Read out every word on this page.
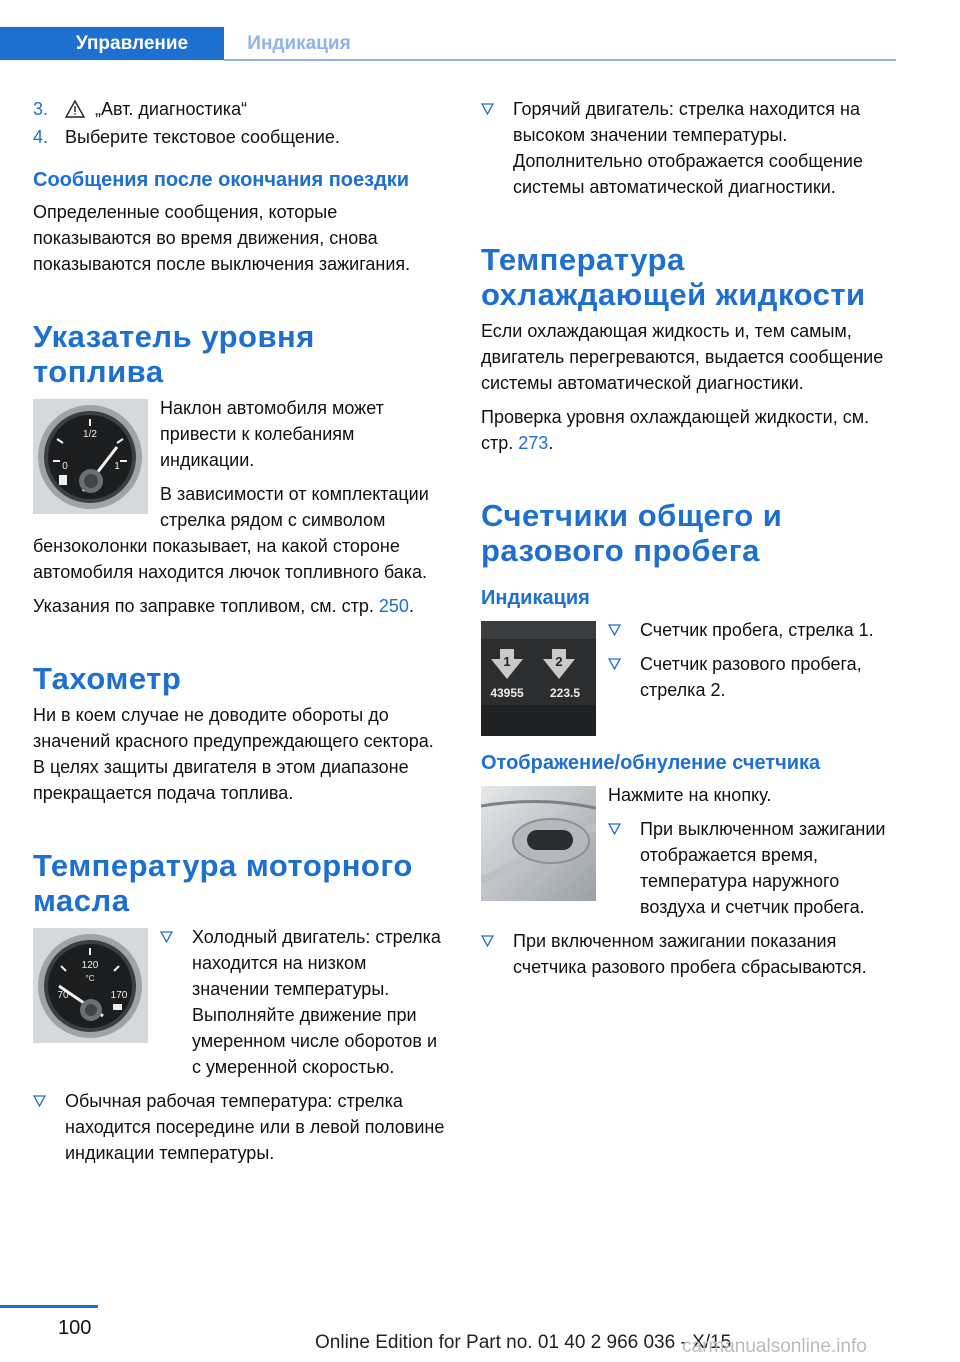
Управление	Индикация
3.	„Авт. диагностика“
4. Выберите текстовое сообщение.
Сообщения после окончания поездки
Определенные сообщения, которые показываются во время движения, снова показываются после выключения зажигания.
Указатель уровня топлива
1/2
0	1
Наклон автомобиля может привести к колебаниям индикации.
В зависимости от комплектации стрелка рядом с символом бензоколонки показывает, на какой стороне автомобиля находится лючок топливного бака.
Указания по заправке топливом, см. стр. 250.
Тахометр
Ни в коем случае не доводите обороты до значений красного предупреждающего сектора. В целях защиты двигателя в этом диапазоне прекращается подача топлива.
Температура моторного масла
120
°C
70	170
Холодный двигатель: стрелка находится на низком значении температуры. Выполняйте движение при умеренном числе оборотов и с умеренной скоростью.
Обычная рабочая температура: стрелка находится посередине или в левой половине индикации температуры.
Горячий двигатель: стрелка находится на высоком значении температуры. Дополнительно отображается сообщение системы автоматической диагностики.
Температура охлаждающей жидкости
Если охлаждающая жидкость и, тем самым, двигатель перегреваются, выдается сообщение системы автоматической диагностики.
Проверка уровня охлаждающей жидкости, см. стр. 273.
Счетчики общего и разового пробега
Индикация
1	2
43955 223.5
Счетчик пробега, стрелка 1.
Счетчик разового пробега, стрелка 2.
Отображение/обнуление счетчика
Нажмите на кнопку.
При выключенном зажигании отображается время, температура наружного воздуха и счетчик пробега.
При включенном зажигании показания счетчика разового пробега сбрасываются.
100
Online Edition for Part no. 01 40 2 966 036 - X/15
carmanualsonline.info
